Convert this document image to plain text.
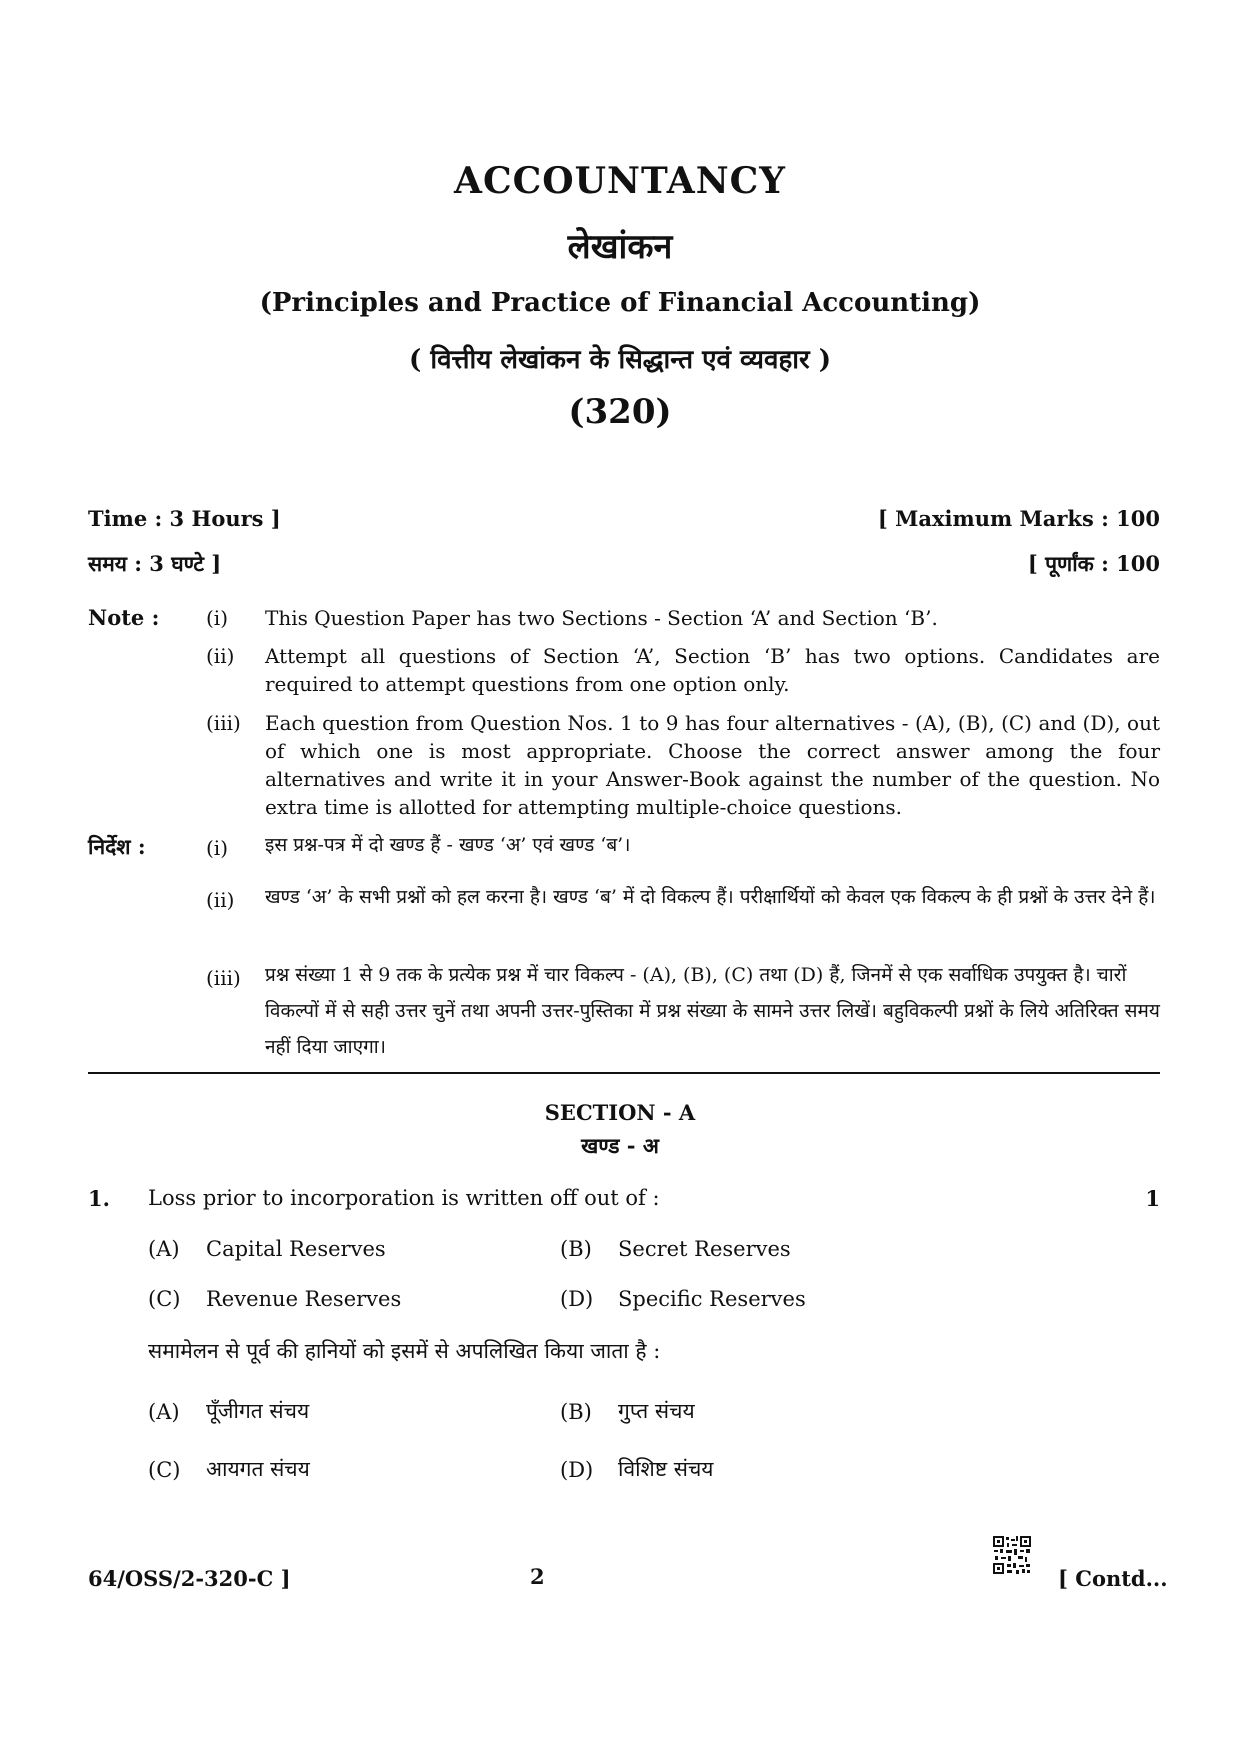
ACCOUNTANCY
लेखांकन
(Principles and Practice of Financial Accounting)
( वित्तीय लेखांकन के सिद्धान्त एवं व्यवहार )
(320)
Time : 3 Hours ]	[ Maximum Marks : 100
समय : 3 घण्टे ]	[ पूर्णांक : 100
Note : (i) This Question Paper has two Sections - Section ‘A’ and Section ‘B’.
(ii) Attempt all questions of Section ‘A’, Section ‘B’ has two options. Candidates are required to attempt questions from one option only.
(iii) Each question from Question Nos. 1 to 9 has four alternatives - (A), (B), (C) and (D), out of which one is most appropriate. Choose the correct answer among the four alternatives and write it in your Answer-Book against the number of the question. No extra time is allotted for attempting multiple-choice questions.
निर्देश :	(i) इस प्रश्न-पत्र में दो खण्ड हैं - खण्ड ‘अ’ एवं खण्ड ‘ब’।
(ii) खण्ड ‘अ’ के सभी प्रश्नों को हल करना है। खण्ड ‘ब’ में दो विकल्प हैं। परीक्षार्थियों को केवल एक विकल्प के ही प्रश्नों के उत्तर देने हैं।
(iii) प्रश्न संख्या 1 से 9 तक के प्रत्येक प्रश्न में चार विकल्प - (A), (B), (C) तथा (D) हैं, जिनमें से एक सर्वाधिक उपयुक्त है। चारों विकल्पों में से सही उत्तर चुनें तथा अपनी उत्तर-पुस्तिका में प्रश्न संख्या के सामने उत्तर लिखें। बहुविकल्पी प्रश्नों के लिये अतिरिक्त समय नहीं दिया जाएगा।
SECTION - A
खण्ड - अ
1. Loss prior to incorporation is written off out of :	1
(A) Capital Reserves	(B) Secret Reserves
(C) Revenue Reserves	(D) Specific Reserves
समामेलन से पूर्व की हानियों को इसमें से अपलिखित किया जाता है :
(A) पूँजीगत संचय	(B) गुप्त संचय
(C) आयगत संचय	(D) विशिष्ट संचय
64/OSS/2-320-C ]	2	[ Contd...
